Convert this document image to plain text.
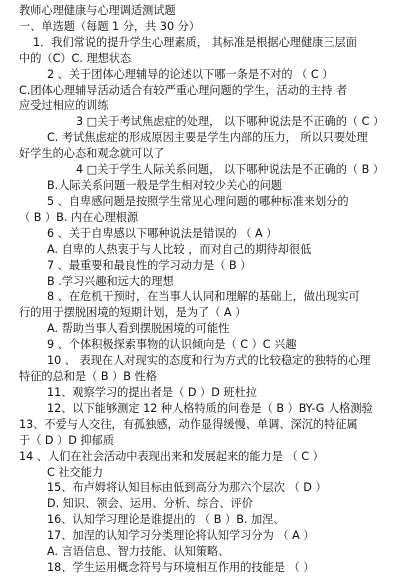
教师心理健康与心理调适测试题
一、单选题（每题 1 分，共 30 分）
1．我们常说的提升学生心理素质， 其标准是根据心理健康三层面
中的（C）C. 理想状态
2 、关于团体心理辅导的论述以下哪一条是不对的 （ C ）
C.团体心理辅导活动适合有较严重心理问题的学生，活动的主持 者
应受过相应的训练
3 □关于考试焦虑症的处理， 以下哪种说法是不正确的（ C ）
C. 考试焦虑症的形成原因主要是学生内部的压力， 所以只要处理
好学生的心态和观念就可以了
4 □关于学生人际关系问题， 以下哪种说法是不正确的（ B ）
B.人际关系问题一般是学生相对较少关心的问题
5 、自卑感问题是按照学生常见心理问题的哪种标准来划分的
（ B ）B. 内在心理根源
6 、关于自卑感以下哪种说法是错误的 （ A ）
A. 自卑的人热衷于与人比较 ，而对自己的期待却很低
7 、最重要和最良性的学习动力是（ B ）
B .学习兴趣和远大的理想
8 、在危机干预时，在当事人认同和理解的基础上，做出现实可
行的用于摆脱困境的短期计划，是为了（ A ）
A. 帮助当事人看到摆脱困境的可能性
9 、个体积极探索事物的认识倾向是（ C ）C 兴趣
10 、 表现在人对现实的态度和行为方式的比较稳定的独特的心理
特征的总和是（ B ）B 性格
11、观察学习的提出者是（ D ）D 班杜拉
12、以下能够测定 12 种人格特质的问卷是（ B ）BY-G 人格测验
13、不爱与人交往，有孤独感，动作显得缓慢、单调、深沉的特征属
于（ D ）D 抑郁质
14 、人们在社会活动中表现出来和发展起来的能力是 （ C ）
C 社交能力
15、布卢姆将认知目标由低到高分为那六个层次 （ D ）
D. 知识、领会、运用、分析、综合、评价
16、认知学习理论是谁提出的 （ B ）B. 加涅、
17、加涅的认知学习分类理论将认知学习分为 （ A ）
A. 言语信息、智力技能、认知策略、
18、学生运用概念符号与环境相互作用的技能是 （ ）
